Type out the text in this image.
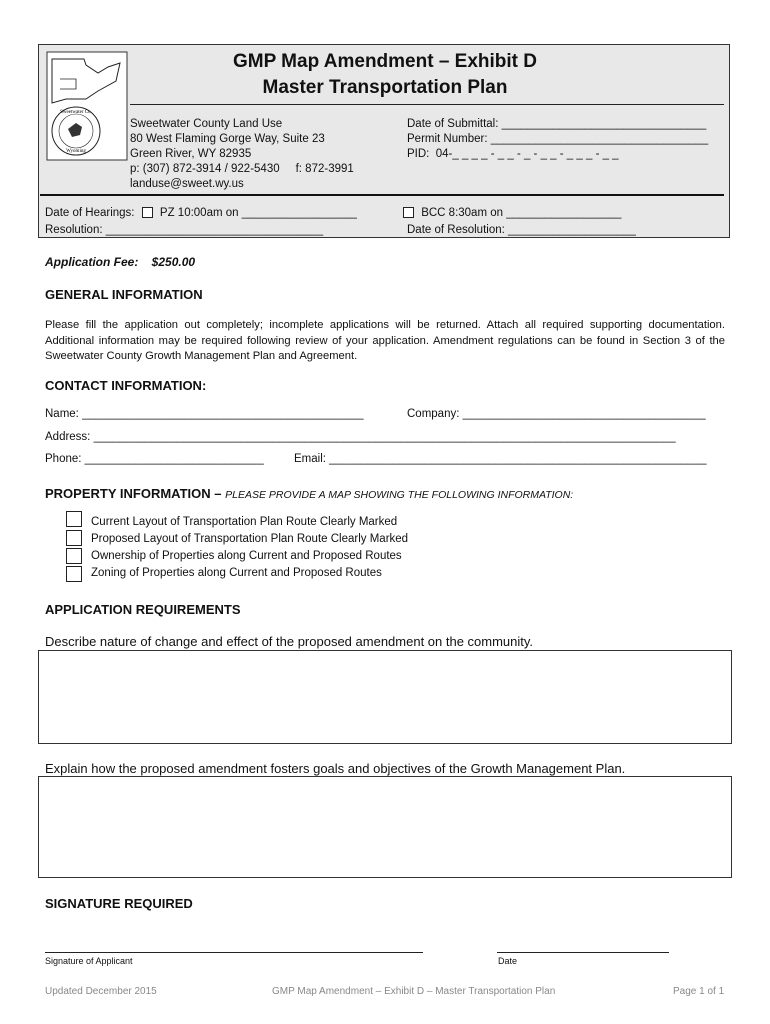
Sweetwater Co.
Wyoming
GMP Map Amendment – Exhibit D
Master Transportation Plan
Sweetwater County Land Use
80 West Flaming Gorge Way, Suite 23
Green River, WY 82935
p: (307) 872-3914 / 922-5430     f: 872-3991
landuse@sweet.wy.us
Date of Submittal: ________________________________
Permit Number: __________________________________
PID:  04-_ _ _ _ - _ _ - _ - _ _ - _ _ _ - _ _
Date of Hearings: PZ 10:00am on __________________	BCC 8:30am on __________________
Resolution: __________________________________	Date of Resolution: ____________________
Application Fee:    $250.00
GENERAL INFORMATION
Please fill the application out completely; incomplete applications will be returned. Attach all required supporting documentation. Additional information may be required following review of your application. Amendment regulations can be found in Section 3 of the Sweetwater County Growth Management Plan and Agreement.
CONTACT INFORMATION:
Name: ____________________________________________	Company: ______________________________________
Address: ___________________________________________________________________________________________
Phone: ____________________________	Email: ___________________________________________________________
PROPERTY INFORMATION – PLEASE PROVIDE A MAP SHOWING THE FOLLOWING INFORMATION:
Current Layout of Transportation Plan Route Clearly Marked
Proposed Layout of Transportation Plan Route Clearly Marked
Ownership of Properties along Current and Proposed Routes
Zoning of Properties along Current and Proposed Routes
APPLICATION REQUIREMENTS
Describe nature of change and effect of the proposed amendment on the community.
Explain how the proposed amendment fosters goals and objectives of the Growth Management Plan.
SIGNATURE REQUIRED
Signature of Applicant	Date
Updated December 2015	GMP Map Amendment – Exhibit D – Master Transportation Plan	Page 1 of 1
